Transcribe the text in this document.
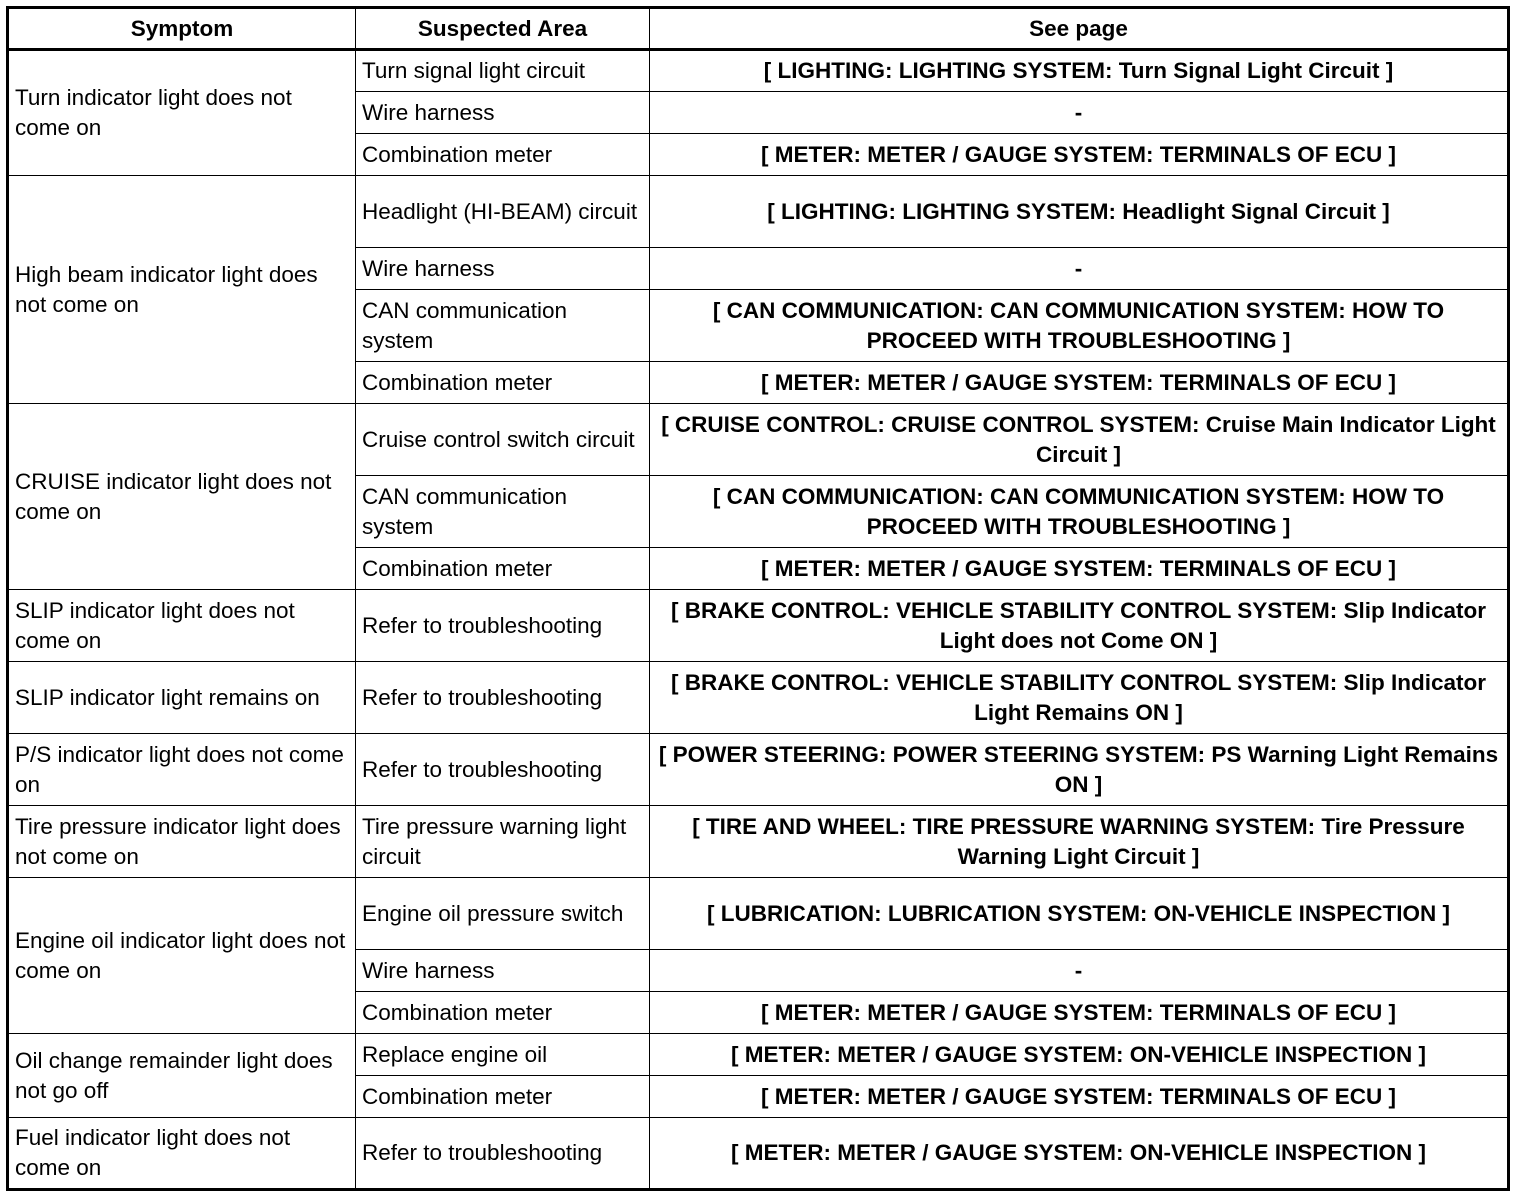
Symptom	Suspected Area	See page
Turn indicator light does not come on	Turn signal light circuit	[ LIGHTING: LIGHTING SYSTEM: Turn Signal Light Circuit ]
	Wire harness	-
	Combination meter	[ METER: METER / GAUGE SYSTEM: TERMINALS OF ECU ]
High beam indicator light does not come on	Headlight (HI-BEAM) circuit	[ LIGHTING: LIGHTING SYSTEM: Headlight Signal Circuit ]
	Wire harness	-
	CAN communication system	[ CAN COMMUNICATION: CAN COMMUNICATION SYSTEM: HOW TO PROCEED WITH TROUBLESHOOTING ]
	Combination meter	[ METER: METER / GAUGE SYSTEM: TERMINALS OF ECU ]
CRUISE indicator light does not come on	Cruise control switch circuit	[ CRUISE CONTROL: CRUISE CONTROL SYSTEM: Cruise Main Indicator Light Circuit ]
	CAN communication system	[ CAN COMMUNICATION: CAN COMMUNICATION SYSTEM: HOW TO PROCEED WITH TROUBLESHOOTING ]
	Combination meter	[ METER: METER / GAUGE SYSTEM: TERMINALS OF ECU ]
SLIP indicator light does not come on	Refer to troubleshooting	[ BRAKE CONTROL: VEHICLE STABILITY CONTROL SYSTEM: Slip Indicator Light does not Come ON ]
SLIP indicator light remains on	Refer to troubleshooting	[ BRAKE CONTROL: VEHICLE STABILITY CONTROL SYSTEM: Slip Indicator Light Remains ON ]
P/S indicator light does not come on	Refer to troubleshooting	[ POWER STEERING: POWER STEERING SYSTEM: PS Warning Light Remains ON ]
Tire pressure indicator light does not come on	Tire pressure warning light circuit	[ TIRE AND WHEEL: TIRE PRESSURE WARNING SYSTEM: Tire Pressure Warning Light Circuit ]
Engine oil indicator light does not come on	Engine oil pressure switch	[ LUBRICATION: LUBRICATION SYSTEM: ON-VEHICLE INSPECTION ]
	Wire harness	-
	Combination meter	[ METER: METER / GAUGE SYSTEM: TERMINALS OF ECU ]
Oil change remainder light does not go off	Replace engine oil	[ METER: METER / GAUGE SYSTEM: ON-VEHICLE INSPECTION ]
	Combination meter	[ METER: METER / GAUGE SYSTEM: TERMINALS OF ECU ]
Fuel indicator light does not come on	Refer to troubleshooting	[ METER: METER / GAUGE SYSTEM: ON-VEHICLE INSPECTION ]
